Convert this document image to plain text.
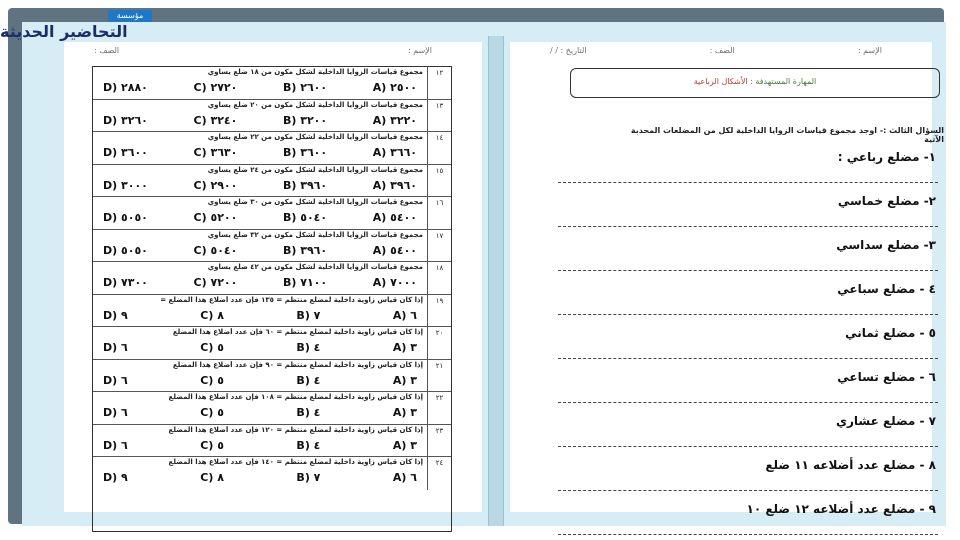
الإسم :
الصف :
١٢
مجموع قياسات الزوايا الداخلية لشكل مكون من ١٨ ضلع يساوي
٢٥٠٠ (A
٢٦٠٠ (B
٢٧٢٠ (C
٢٨٨٠ (D
١٣
مجموع قياسات الزوايا الداخلية لشكل مكون من ٢٠ ضلع يساوي
٣٢٢٠ (A
٣٢٠٠ (B
٣٢٤٠ (C
٣٢٦٠ (D
١٤
مجموع قياسات الزوايا الداخلية لشكل مكون من ٢٢ ضلع يساوي
٣٦٦٠ (A
٣٦٠٠ (B
٣٦٣٠ (C
٣٦٠٠ (D
١٥
مجموع قياسات الزوايا الداخلية لشكل مكون من ٢٤ ضلع يساوي
٣٩٦٠ (A
٣٩٦٠ (B
٢٩٠٠ (C
٣٠٠٠ (D
١٦
مجموع قياسات الزوايا الداخلية لشكل مكون من ٣٠ ضلع يساوي
٥٤٠٠ (A
٥٠٤٠ (B
٥٢٠٠ (C
٥٠٥٠ (D
١٧
مجموع قياسات الزوايا الداخلية لشكل مكون من ٣٢ ضلع يساوي
٥٤٠٠ (A
٣٩٦٠ (B
٥٠٤٠ (C
٥٠٥٠ (D
١٨
مجموع قياسات الزوايا الداخلية لشكل مكون من ٤٢ ضلع يساوي
٧٠٠٠ (A
٧١٠٠ (B
٧٢٠٠ (C
٧٣٠٠ (D
١٩
إذا كان قياس زاوية داخلية لمضلع منتظم = ١٣٥ فإن عدد أضلاع هذا المضلع =
٦ (A
٧ (B
٨ (C
٩ (D
٢٠
إذا كان قياس زاوية داخلية لمضلع منتظم = ٦٠ فإن عدد أضلاع هذا المضلع
٣ (A
٤ (B
٥ (C
٦ (D
٢١
إذا كان قياس زاوية داخلية لمضلع منتظم = ٩٠ فإن عدد أضلاع هذا المضلع
٣ (A
٤ (B
٥ (C
٦ (D
٢٢
إذا كان قياس زاوية داخلية لمضلع منتظم = ١٠٨ فإن عدد أضلاع هذا المضلع
٣ (A
٤ (B
٥ (C
٦ (D
٢٣
إذا كان قياس زاوية داخلية لمضلع منتظم = ١٢٠ فإن عدد أضلاع هذا المضلع
٣ (A
٤ (B
٥ (C
٦ (D
٢٤
إذا كان قياس زاوية داخلية لمضلع منتظم = ١٤٠ فإن عدد أضلاع هذا المضلع
٦ (A
٧ (B
٨ (C
٩ (D
الإسم :
الصف :
التاريخ : / /
المهارة المستهدفة : الأشكال الرباعية
السؤال الثالث :- اوجد مجموع قياسات الزوايا الداخلية لكل من المضلعات المحدبة الآتية
١- مضلع رباعي :
٢- مضلع خماسي
٣- مضلع سداسي
٤ - مضلع سباعي
٥ - مضلع ثماني
٦ - مضلع تساعي
٧ - مضلع عشاري
٨ - مضلع عدد أضلاعه ١١ ضلع
٩ - مضلع عدد أضلاعه ١٢ ضلع ١٠
مؤسسة
التحاضير الحديثة
